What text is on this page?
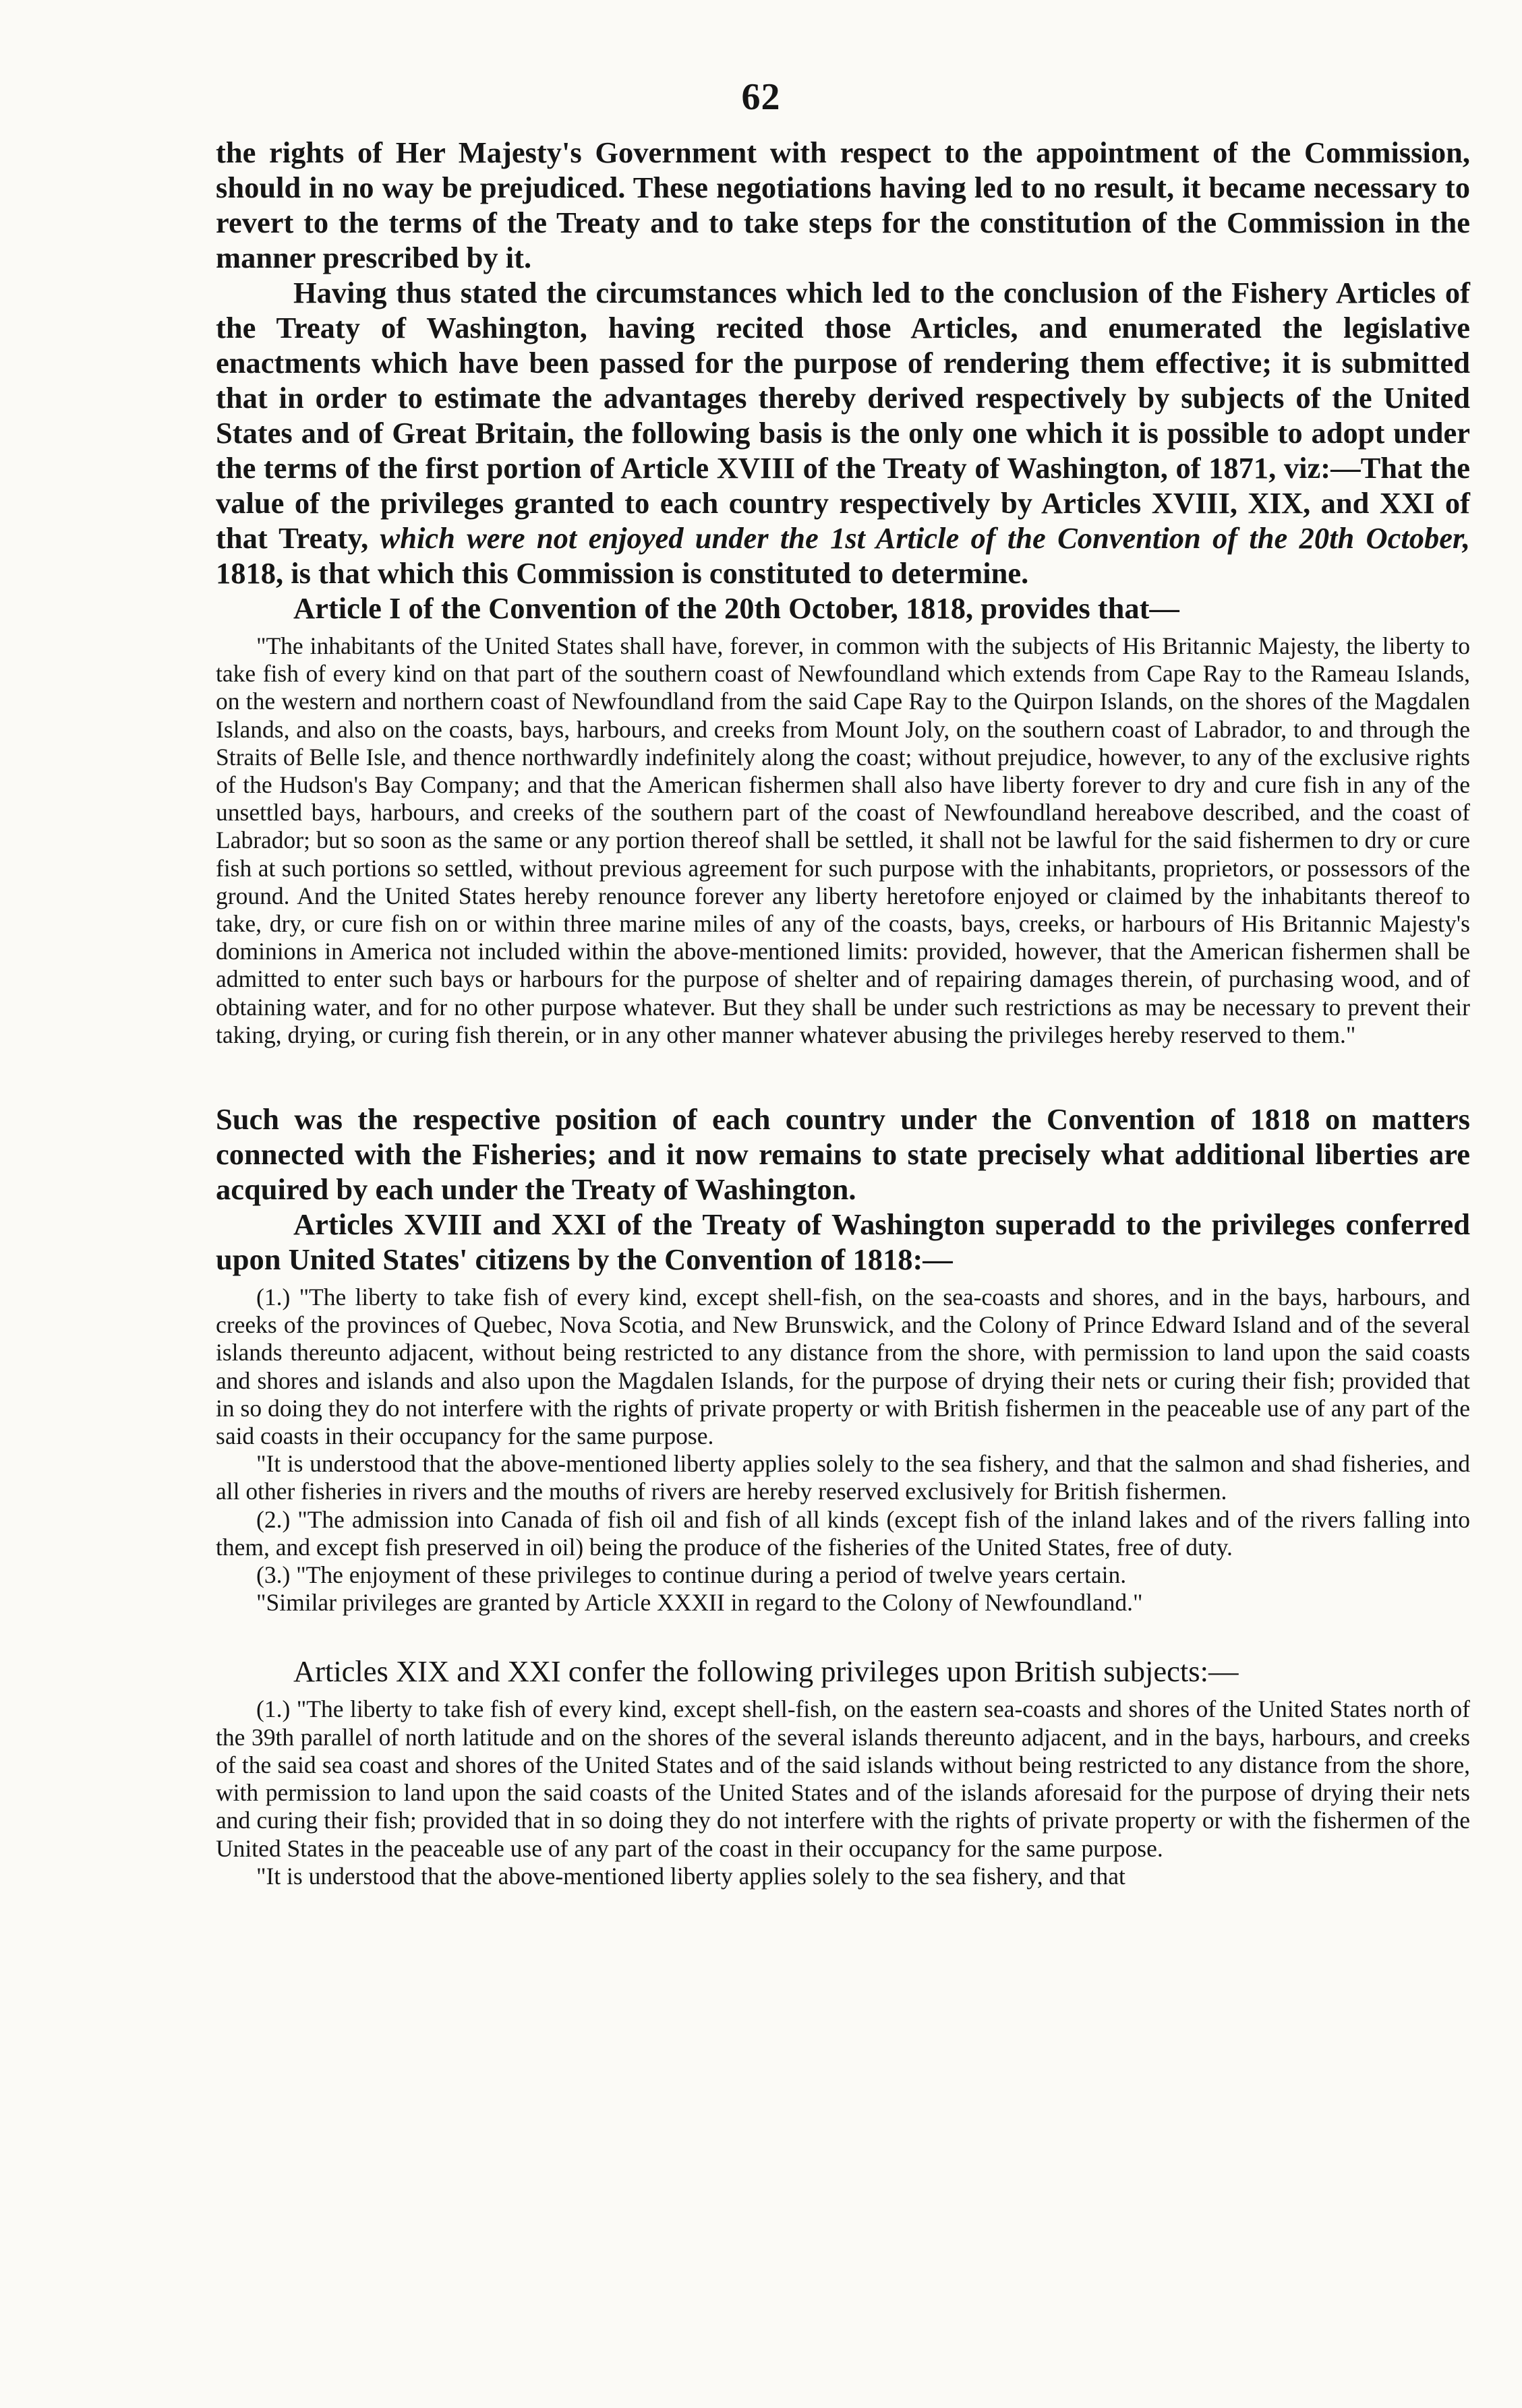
62

the rights of Her Majesty's Government with respect to the appointment of the Commission, should in no way be prejudiced. These negotiations having led to no result, it became necessary to revert to the terms of the Treaty and to take steps for the constitution of the Commission in the manner prescribed by it.

Having thus stated the circumstances which led to the conclusion of the Fishery Articles of the Treaty of Washington, having recited those Articles, and enumerated the legislative enactments which have been passed for the purpose of rendering them effective; it is submitted that in order to estimate the advantages thereby derived respectively by subjects of the United States and of Great Britain, the following basis is the only one which it is possible to adopt under the terms of the first portion of Article XVIII of the Treaty of Washington, of 1871, viz:—That the value of the privileges granted to each country respectively by Articles XVIII, XIX, and XXI of that Treaty, which were not enjoyed under the 1st Article of the Convention of the 20th October, 1818, is that which this Commission is constituted to determine.

Article I of the Convention of the 20th October, 1818, provides that—

"The inhabitants of the United States shall have, forever, in common with the subjects of His Britannic Majesty, the liberty to take fish of every kind on that part of the southern coast of Newfoundland which extends from Cape Ray to the Rameau Islands, on the western and northern coast of Newfoundland from the said Cape Ray to the Quirpon Islands, on the shores of the Magdalen Islands, and also on the coasts, bays, harbours, and creeks from Mount Joly, on the southern coast of Labrador, to and through the Straits of Belle Isle, and thence northwardly indefinitely along the coast; without prejudice, however, to any of the exclusive rights of the Hudson's Bay Company; and that the American fishermen shall also have liberty forever to dry and cure fish in any of the unsettled bays, harbours, and creeks of the southern part of the coast of Newfoundland hereabove described, and the coast of Labrador; but so soon as the same or any portion thereof shall be settled, it shall not be lawful for the said fishermen to dry or cure fish at such portions so settled, without previous agreement for such purpose with the inhabitants, proprietors, or possessors of the ground. And the United States hereby renounce forever any liberty heretofore enjoyed or claimed by the inhabitants thereof to take, dry, or cure fish on or within three marine miles of any of the coasts, bays, creeks, or harbours of His Britannic Majesty's dominions in America not included within the above-mentioned limits: provided, however, that the American fishermen shall be admitted to enter such bays or harbours for the purpose of shelter and of repairing damages therein, of purchasing wood, and of obtaining water, and for no other purpose whatever. But they shall be under such restrictions as may be necessary to prevent their taking, drying, or curing fish therein, or in any other manner whatever abusing the privileges hereby reserved to them."

Such was the respective position of each country under the Convention of 1818 on matters connected with the Fisheries; and it now remains to state precisely what additional liberties are acquired by each under the Treaty of Washington.

Articles XVIII and XXI of the Treaty of Washington superadd to the privileges conferred upon United States' citizens by the Convention of 1818:—

(1.) "The liberty to take fish of every kind, except shell-fish, on the sea-coasts and shores, and in the bays, harbours, and creeks of the provinces of Quebec, Nova Scotia, and New Brunswick, and the Colony of Prince Edward Island and of the several islands thereunto adjacent, without being restricted to any distance from the shore, with permission to land upon the said coasts and shores and islands and also upon the Magdalen Islands, for the purpose of drying their nets or curing their fish; provided that in so doing they do not interfere with the rights of private property or with British fishermen in the peaceable use of any part of the said coasts in their occupancy for the same purpose.

"It is understood that the above-mentioned liberty applies solely to the sea fishery, and that the salmon and shad fisheries, and all other fisheries in rivers and the mouths of rivers are hereby reserved exclusively for British fishermen.

(2.) "The admission into Canada of fish oil and fish of all kinds (except fish of the inland lakes and of the rivers falling into them, and except fish preserved in oil) being the produce of the fisheries of the United States, free of duty.

(3.) "The enjoyment of these privileges to continue during a period of twelve years certain.

"Similar privileges are granted by Article XXXII in regard to the Colony of Newfoundland."

Articles XIX and XXI confer the following privileges upon British subjects:—

(1.) "The liberty to take fish of every kind, except shell-fish, on the eastern sea-coasts and shores of the United States north of the 39th parallel of north latitude and on the shores of the several islands thereunto adjacent, and in the bays, harbours, and creeks of the said sea coast and shores of the United States and of the said islands without being restricted to any distance from the shore, with permission to land upon the said coasts of the United States and of the islands aforesaid for the purpose of drying their nets and curing their fish; provided that in so doing they do not interfere with the rights of private property or with the fishermen of the United States in the peaceable use of any part of the coast in their occupancy for the same purpose.

"It is understood that the above-mentioned liberty applies solely to the sea fishery, and that
